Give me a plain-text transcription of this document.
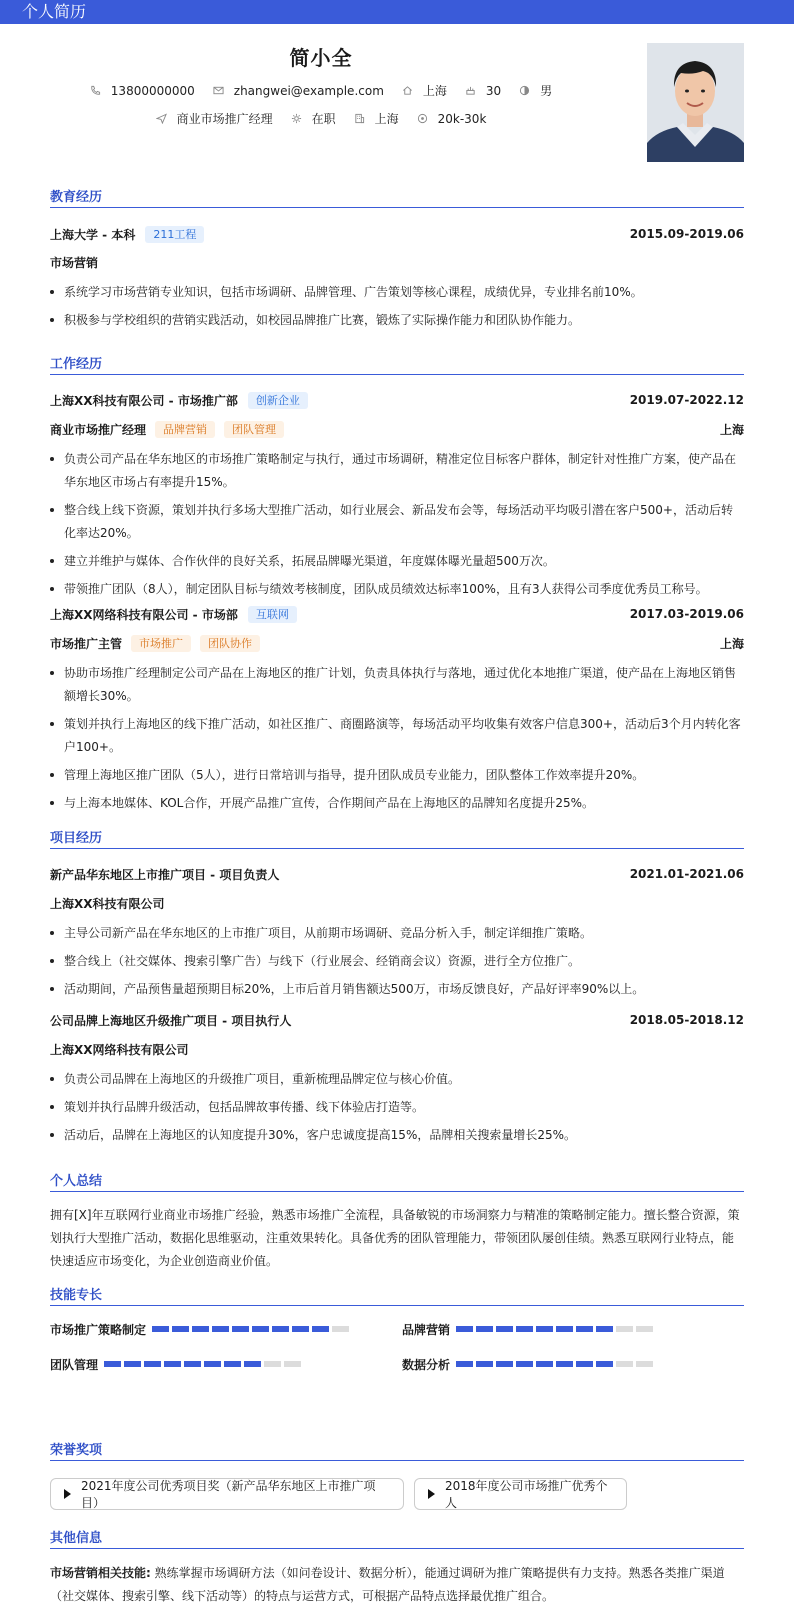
个人简历
简小全
13800000000	zhangwei@example.com	上海	30	男
商业市场推广经理	在职	上海	20k-30k
教育经历
上海大学 - 本科	211工程	2015.09-2019.06
市场营销
系统学习市场营销专业知识，包括市场调研、品牌管理、广告策划等核心课程，成绩优异，专业排名前10%。
积极参与学校组织的营销实践活动，如校园品牌推广比赛，锻炼了实际操作能力和团队协作能力。
工作经历
上海XX科技有限公司 - 市场推广部	创新企业	2019.07-2022.12
商业市场推广经理	品牌营销	团队管理	上海
负责公司产品在华东地区的市场推广策略制定与执行，通过市场调研，精准定位目标客户群体，制定针对性推广方案，使产品在华东地区市场占有率提升15%。
整合线上线下资源，策划并执行多场大型推广活动，如行业展会、新品发布会等，每场活动平均吸引潜在客户500+，活动后转化率达20%。
建立并维护与媒体、合作伙伴的良好关系，拓展品牌曝光渠道，年度媒体曝光量超500万次。
带领推广团队（8人），制定团队目标与绩效考核制度，团队成员绩效达标率100%，且有3人获得公司季度优秀员工称号。
上海XX网络科技有限公司 - 市场部	互联网	2017.03-2019.06
市场推广主管	市场推广	团队协作	上海
协助市场推广经理制定公司产品在上海地区的推广计划，负责具体执行与落地，通过优化本地推广渠道，使产品在上海地区销售额增长30%。
策划并执行上海地区的线下推广活动，如社区推广、商圈路演等，每场活动平均收集有效客户信息300+，活动后3个月内转化客户100+。
管理上海地区推广团队（5人），进行日常培训与指导，提升团队成员专业能力，团队整体工作效率提升20%。
与上海本地媒体、KOL合作，开展产品推广宣传，合作期间产品在上海地区的品牌知名度提升25%。
项目经历
新产品华东地区上市推广项目 - 项目负责人	2021.01-2021.06
上海XX科技有限公司
主导公司新产品在华东地区的上市推广项目，从前期市场调研、竞品分析入手，制定详细推广策略。
整合线上（社交媒体、搜索引擎广告）与线下（行业展会、经销商会议）资源，进行全方位推广。
活动期间，产品预售量超预期目标20%，上市后首月销售额达500万，市场反馈良好，产品好评率90%以上。
公司品牌上海地区升级推广项目 - 项目执行人	2018.05-2018.12
上海XX网络科技有限公司
负责公司品牌在上海地区的升级推广项目，重新梳理品牌定位与核心价值。
策划并执行品牌升级活动，包括品牌故事传播、线下体验店打造等。
活动后，品牌在上海地区的认知度提升30%，客户忠诚度提高15%，品牌相关搜索量增长25%。
个人总结
拥有[X]年互联网行业商业市场推广经验，熟悉市场推广全流程，具备敏锐的市场洞察力与精准的策略制定能力。擅长整合资源，策划执行大型推广活动，数据化思维驱动，注重效果转化。具备优秀的团队管理能力，带领团队屡创佳绩。熟悉互联网行业特点，能快速适应市场变化，为企业创造商业价值。
技能专长
市场推广策略制定	品牌营销
团队管理	数据分析
荣誉奖项
2021年度公司优秀项目奖（新产品华东地区上市推广项目）
2018年度公司市场推广优秀个人
其他信息
市场营销相关技能: 熟练掌握市场调研方法（如问卷设计、数据分析），能通过调研为推广策略提供有力支持。熟悉各类推广渠道（社交媒体、搜索引擎、线下活动等）的特点与运营方式，可根据产品特点选择最优推广组合。
